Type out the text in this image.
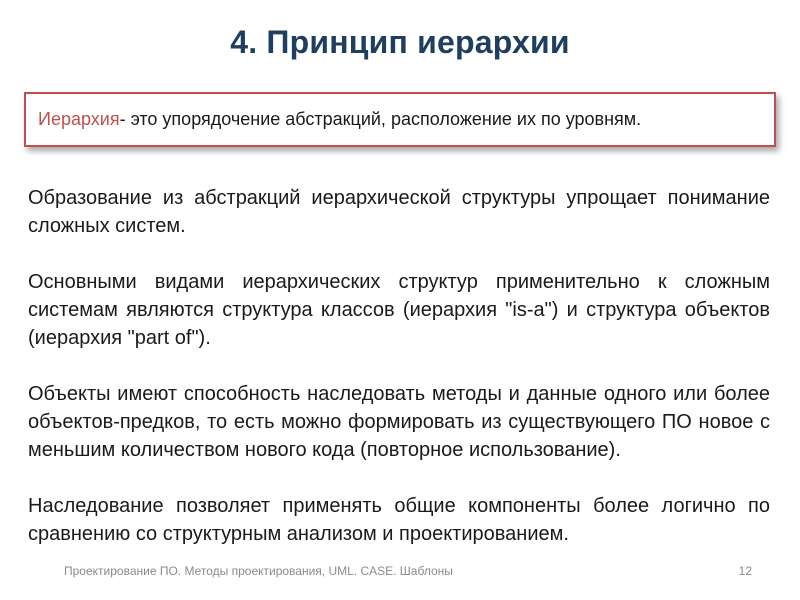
4. Принцип иерархии
Иерархия - это упорядочение абстракций, расположение их по уровням.

Образование из абстракций иерархической структуры упрощает понимание сложных систем.

Основными видами иерархических структур применительно к сложным системам являются структура классов (иерархия "is-a") и структура объектов (иерархия "part of").

Объекты имеют способность наследовать методы и данные одного или более объектов-предков, то есть можно формировать из существующего ПО новое с меньшим количеством нового кода (повторное использование).

Наследование позволяет применять общие компоненты более логично по сравнению со структурным анализом и проектированием.

Проектирование ПО. Методы проектирования, UML. CASE. Шаблоны	12
